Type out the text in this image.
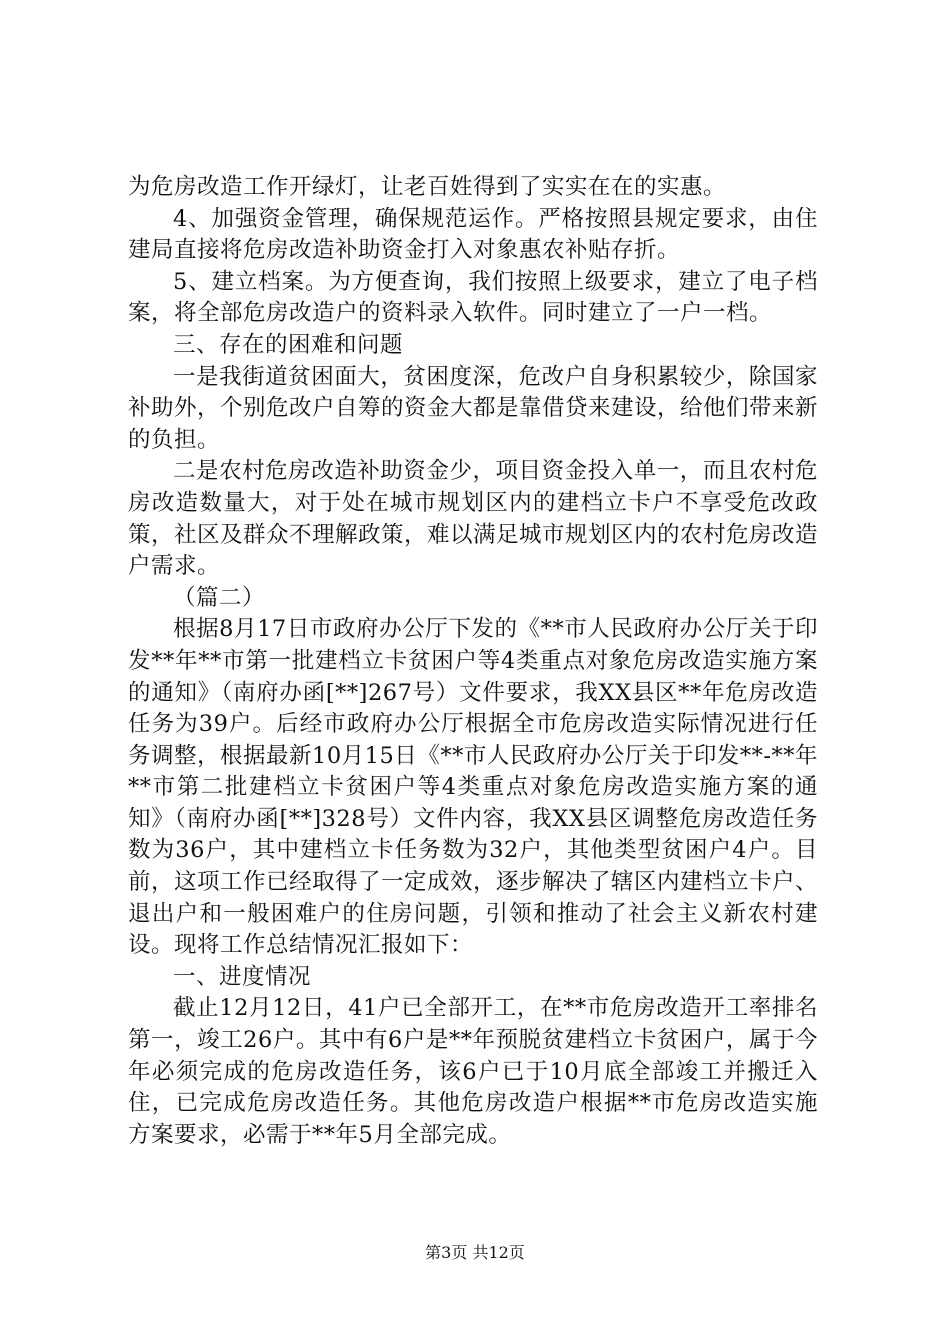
为危房改造工作开绿灯，让老百姓得到了实实在在的实惠。

4、加强资金管理，确保规范运作。严格按照县规定要求，由住建局直接将危房改造补助资金打入对象惠农补贴存折。

5、建立档案。为方便查询，我们按照上级要求，建立了电子档案，将全部危房改造户的资料录入软件。同时建立了一户一档。

三、存在的困难和问题

一是我街道贫困面大，贫困度深，危改户自身积累较少，除国家补助外，个别危改户自筹的资金大都是靠借贷来建设，给他们带来新的负担。

二是农村危房改造补助资金少，项目资金投入单一，而且农村危房改造数量大，对于处在城市规划区内的建档立卡户不享受危改政策，社区及群众不理解政策，难以满足城市规划区内的农村危房改造户需求。

（篇二）

根据8月17日市政府办公厅下发的《**市人民政府办公厅关于印发**年**市第一批建档立卡贫困户等4类重点对象危房改造实施方案的通知》（南府办函[**]267号）文件要求，我XX县区**年危房改造任务为39户。后经市政府办公厅根据全市危房改造实际情况进行任务调整，根据最新10月15日《**市人民政府办公厅关于印发**-**年**市第二批建档立卡贫困户等4类重点对象危房改造实施方案的通知》（南府办函[**]328号）文件内容，我XX县区调整危房改造任务数为36户，其中建档立卡任务数为32户，其他类型贫困户4户。目前，这项工作已经取得了一定成效，逐步解决了辖区内建档立卡户、退出户和一般困难户的住房问题，引领和推动了社会主义新农村建设。现将工作总结情况汇报如下：

一、进度情况

截止12月12日，41户已全部开工，在**市危房改造开工率排名第一，竣工26户。其中有6户是**年预脱贫建档立卡贫困户，属于今年必须完成的危房改造任务，该6户已于10月底全部竣工并搬迁入住，已完成危房改造任务。其他危房改造户根据**市危房改造实施方案要求，必需于**年5月全部完成。

第3页 共12页
